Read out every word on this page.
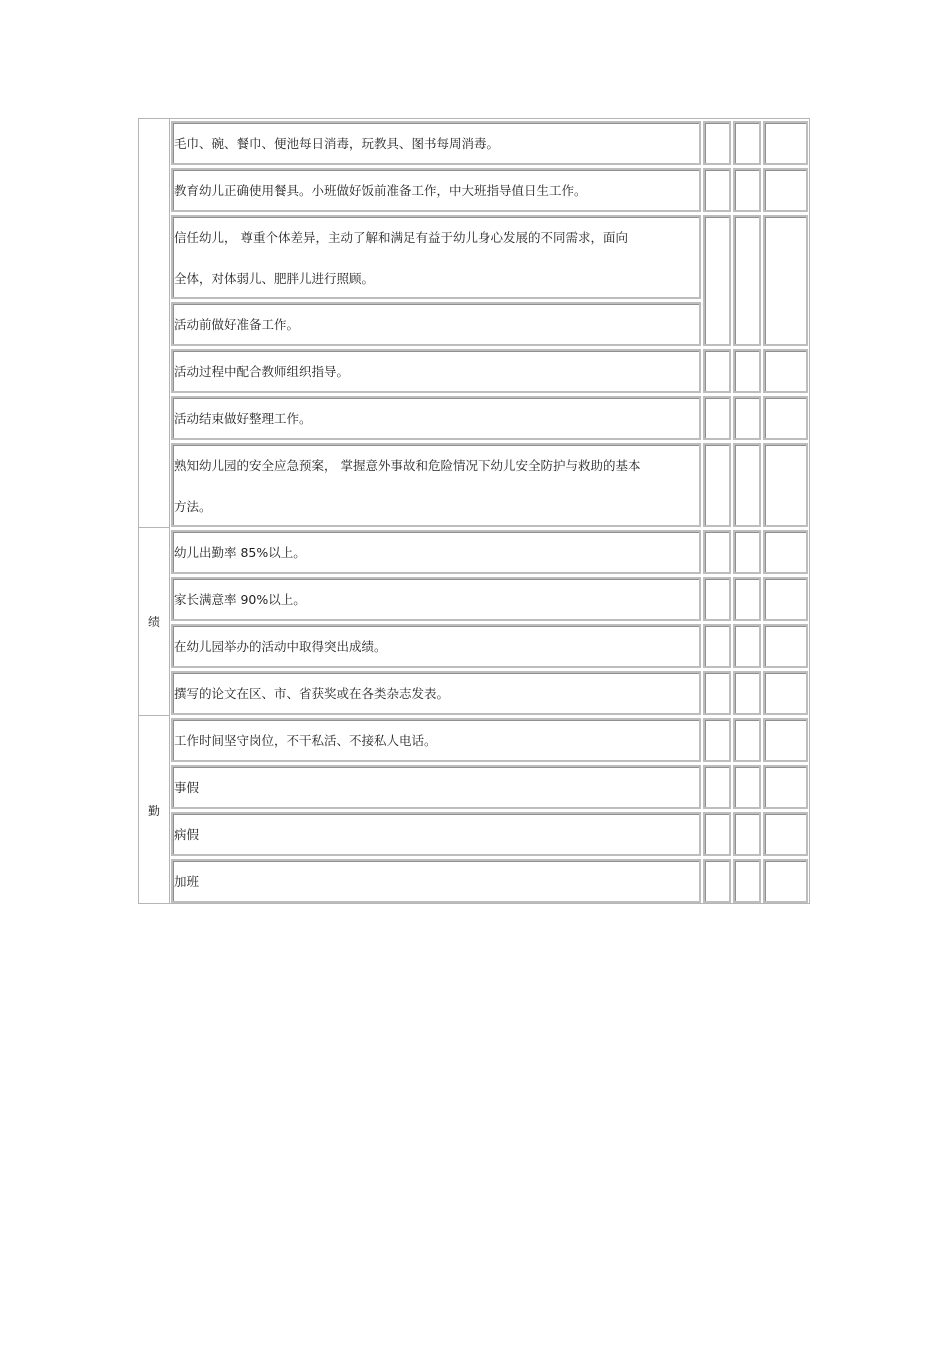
绩
勤
毛巾、碗、餐巾、便池每日消毒，玩教具、图书每周消毒。
教育幼儿正确使用餐具。小班做好饭前准备工作，中大班指导值日生工作。
信任幼儿， 尊重个体差异，主动了解和满足有益于幼儿身心发展的不同需求，面向
全体，对体弱儿、肥胖儿进行照顾。
活动前做好准备工作。
活动过程中配合教师组织指导。
活动结束做好整理工作。
熟知幼儿园的安全应急预案， 掌握意外事故和危险情况下幼儿安全防护与救助的基本
方法。
幼儿出勤率 85%以上。
家长满意率 90%以上。
在幼儿园举办的活动中取得突出成绩。
撰写的论文在区、市、省获奖或在各类杂志发表。
工作时间坚守岗位，不干私活、不接私人电话。
事假
病假
加班
